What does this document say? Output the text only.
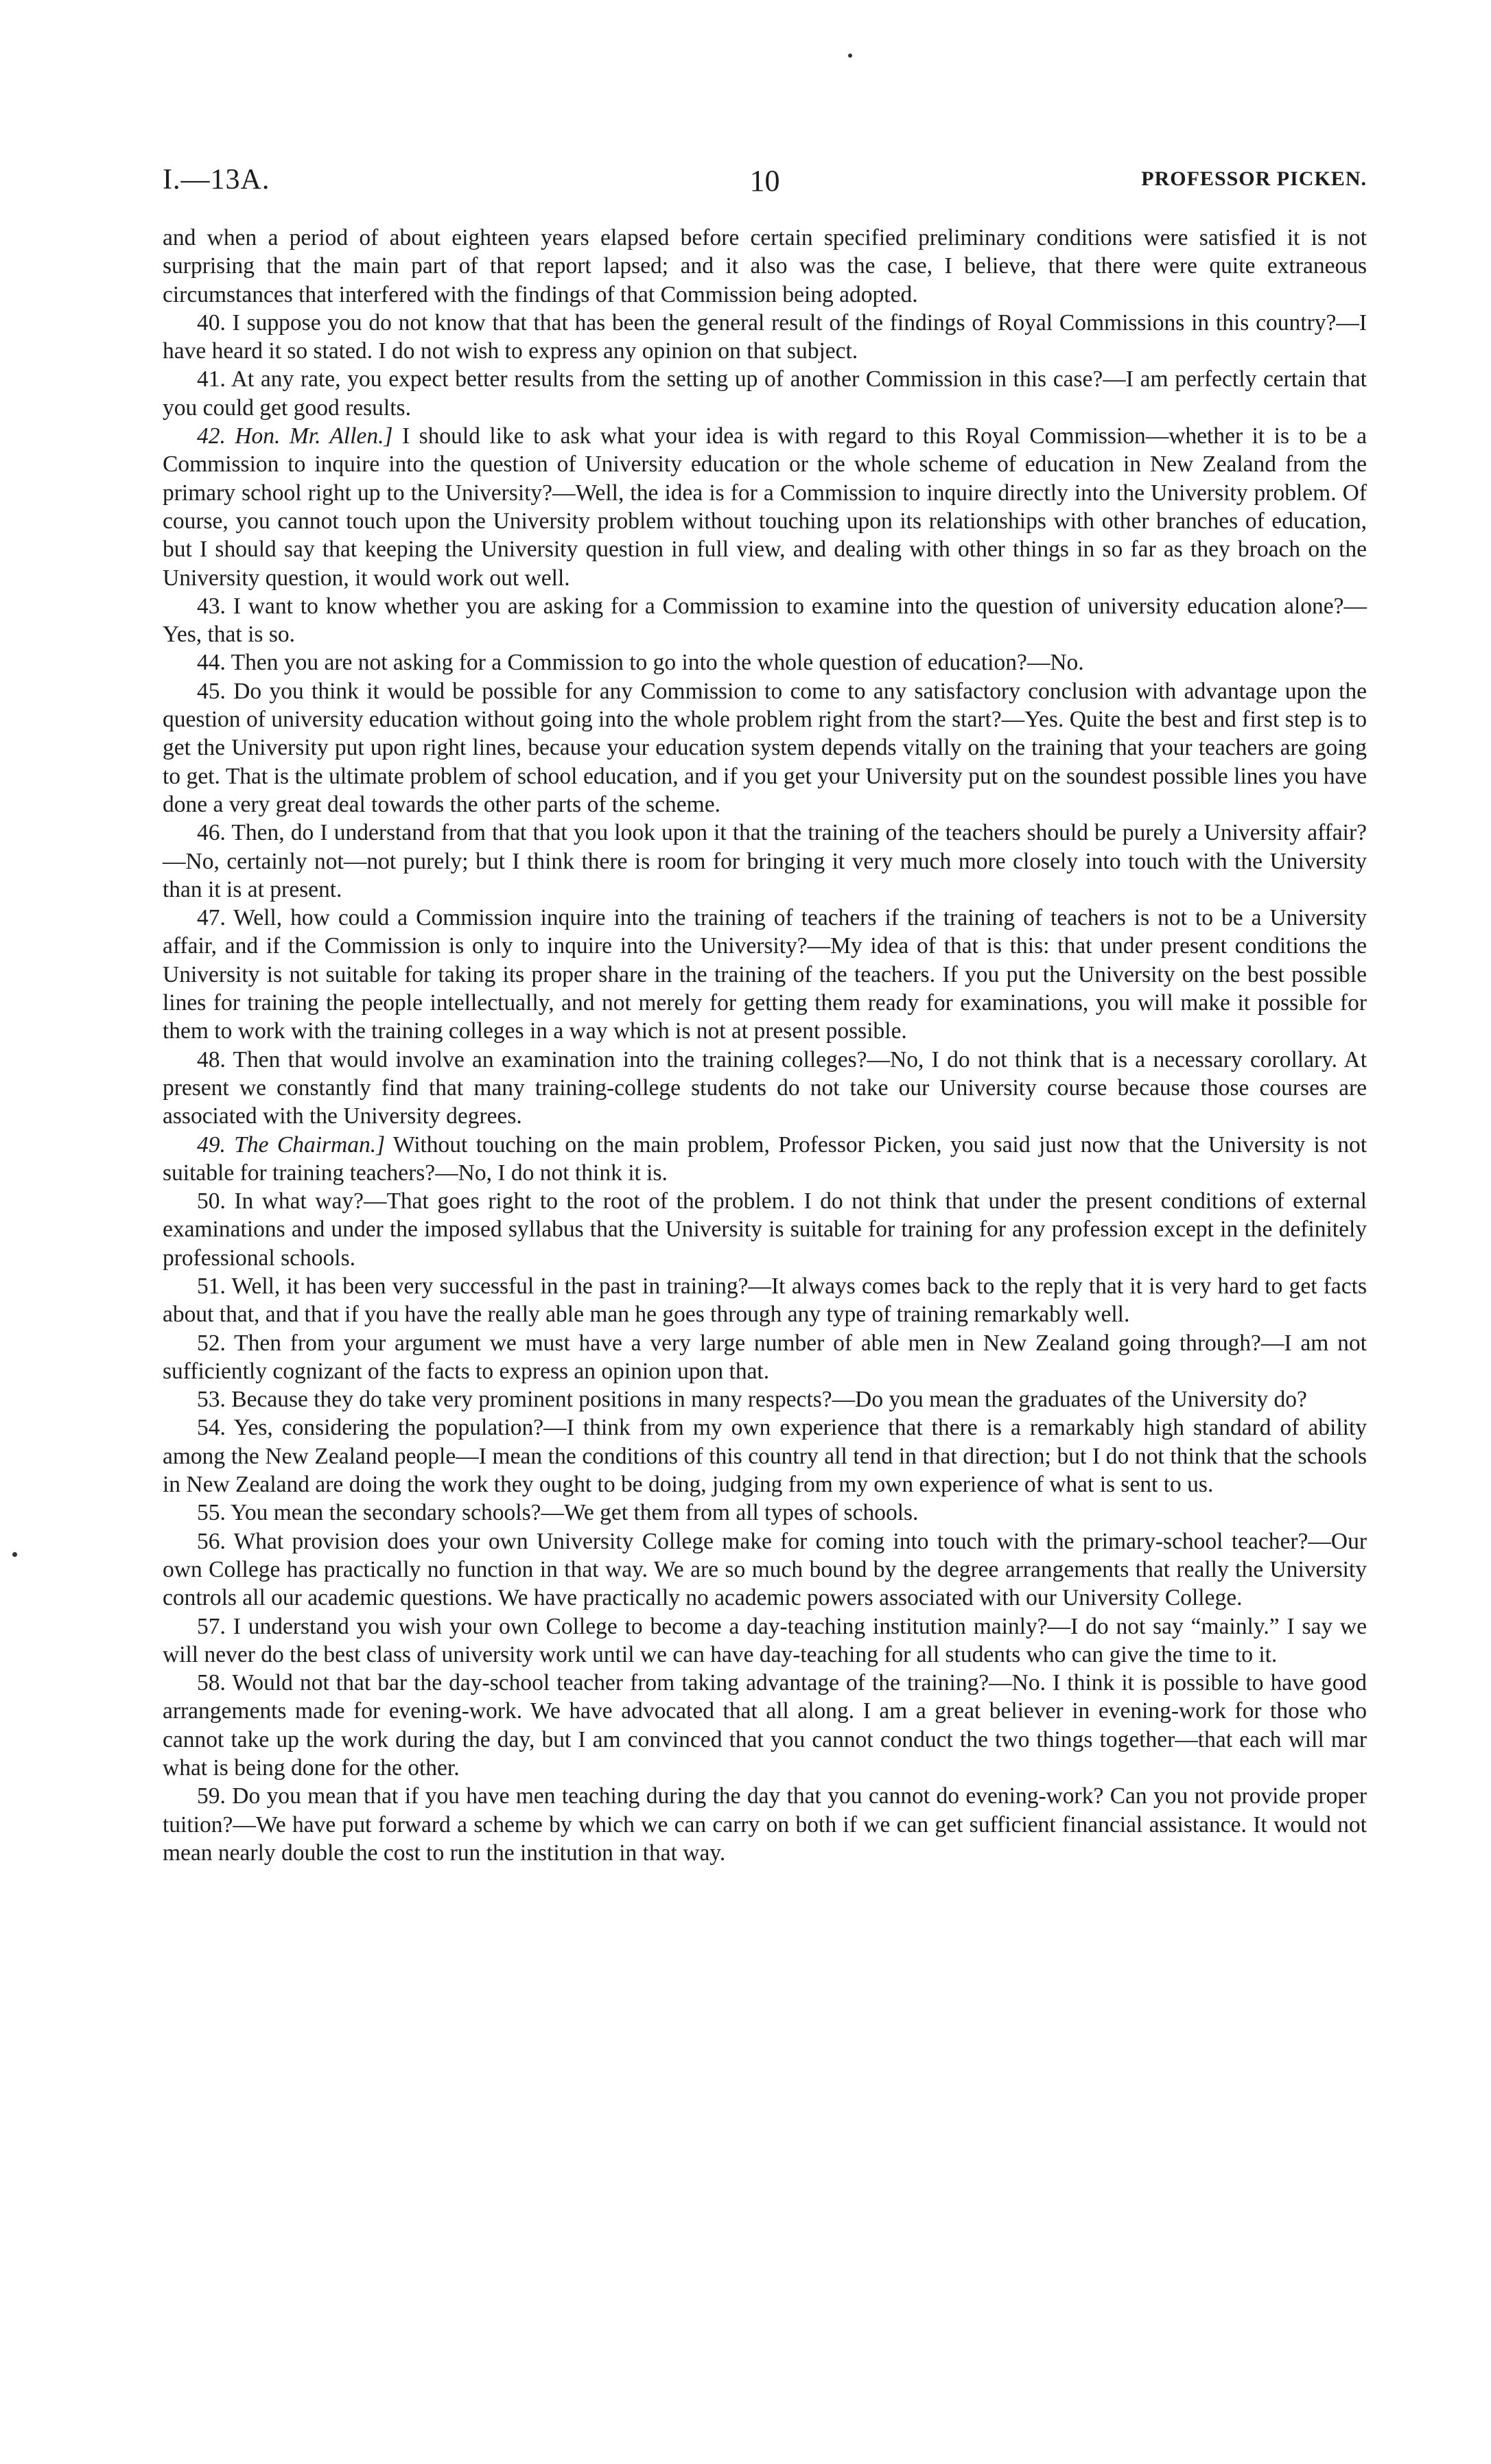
I.—13A.	10	PROFESSOR PICKEN.

and when a period of about eighteen years elapsed before certain specified preliminary conditions were satisfied it is not surprising that the main part of that report lapsed; and it also was the case, I believe, that there were quite extraneous circumstances that interfered with the findings of that Commission being adopted.

40. I suppose you do not know that that has been the general result of the findings of Royal Commissions in this country?—I have heard it so stated. I do not wish to express any opinion on that subject.

41. At any rate, you expect better results from the setting up of another Commission in this case?—I am perfectly certain that you could get good results.

42. Hon. Mr. Allen.] I should like to ask what your idea is with regard to this Royal Commission—whether it is to be a Commission to inquire into the question of University education or the whole scheme of education in New Zealand from the primary school right up to the University?—Well, the idea is for a Commission to inquire directly into the University problem. Of course, you cannot touch upon the University problem without touching upon its relationships with other branches of education, but I should say that keeping the University question in full view, and dealing with other things in so far as they broach on the University question, it would work out well.

43. I want to know whether you are asking for a Commission to examine into the question of university education alone?—Yes, that is so.

44. Then you are not asking for a Commission to go into the whole question of education?—No.

45. Do you think it would be possible for any Commission to come to any satisfactory conclusion with advantage upon the question of university education without going into the whole problem right from the start?—Yes. Quite the best and first step is to get the University put upon right lines, because your education system depends vitally on the training that your teachers are going to get. That is the ultimate problem of school education, and if you get your University put on the soundest possible lines you have done a very great deal towards the other parts of the scheme.

46. Then, do I understand from that that you look upon it that the training of the teachers should be purely a University affair?—No, certainly not—not purely; but I think there is room for bringing it very much more closely into touch with the University than it is at present.

47. Well, how could a Commission inquire into the training of teachers if the training of teachers is not to be a University affair, and if the Commission is only to inquire into the University?—My idea of that is this: that under present conditions the University is not suitable for taking its proper share in the training of the teachers. If you put the University on the best possible lines for training the people intellectually, and not merely for getting them ready for examinations, you will make it possible for them to work with the training colleges in a way which is not at present possible.

48. Then that would involve an examination into the training colleges?—No, I do not think that is a necessary corollary. At present we constantly find that many training-college students do not take our University course because those courses are associated with the University degrees.

49. The Chairman.] Without touching on the main problem, Professor Picken, you said just now that the University is not suitable for training teachers?—No, I do not think it is.

50. In what way?—That goes right to the root of the problem. I do not think that under the present conditions of external examinations and under the imposed syllabus that the University is suitable for training for any profession except in the definitely professional schools.

51. Well, it has been very successful in the past in training?—It always comes back to the reply that it is very hard to get facts about that, and that if you have the really able man he goes through any type of training remarkably well.

52. Then from your argument we must have a very large number of able men in New Zealand going through?—I am not sufficiently cognizant of the facts to express an opinion upon that.

53. Because they do take very prominent positions in many respects?—Do you mean the graduates of the University do?

54. Yes, considering the population?—I think from my own experience that there is a remarkably high standard of ability among the New Zealand people—I mean the conditions of this country all tend in that direction; but I do not think that the schools in New Zealand are doing the work they ought to be doing, judging from my own experience of what is sent to us.

55. You mean the secondary schools?—We get them from all types of schools.

56. What provision does your own University College make for coming into touch with the primary-school teacher?—Our own College has practically no function in that way. We are so much bound by the degree arrangements that really the University controls all our academic questions. We have practically no academic powers associated with our University College.

57. I understand you wish your own College to become a day-teaching institution mainly?—I do not say “mainly.” I say we will never do the best class of university work until we can have day-teaching for all students who can give the time to it.

58. Would not that bar the day-school teacher from taking advantage of the training?—No. I think it is possible to have good arrangements made for evening-work. We have advocated that all along. I am a great believer in evening-work for those who cannot take up the work during the day, but I am convinced that you cannot conduct the two things together—that each will mar what is being done for the other.

59. Do you mean that if you have men teaching during the day that you cannot do evening-work? Can you not provide proper tuition?—We have put forward a scheme by which we can carry on both if we can get sufficient financial assistance. It would not mean nearly double the cost to run the institution in that way.
